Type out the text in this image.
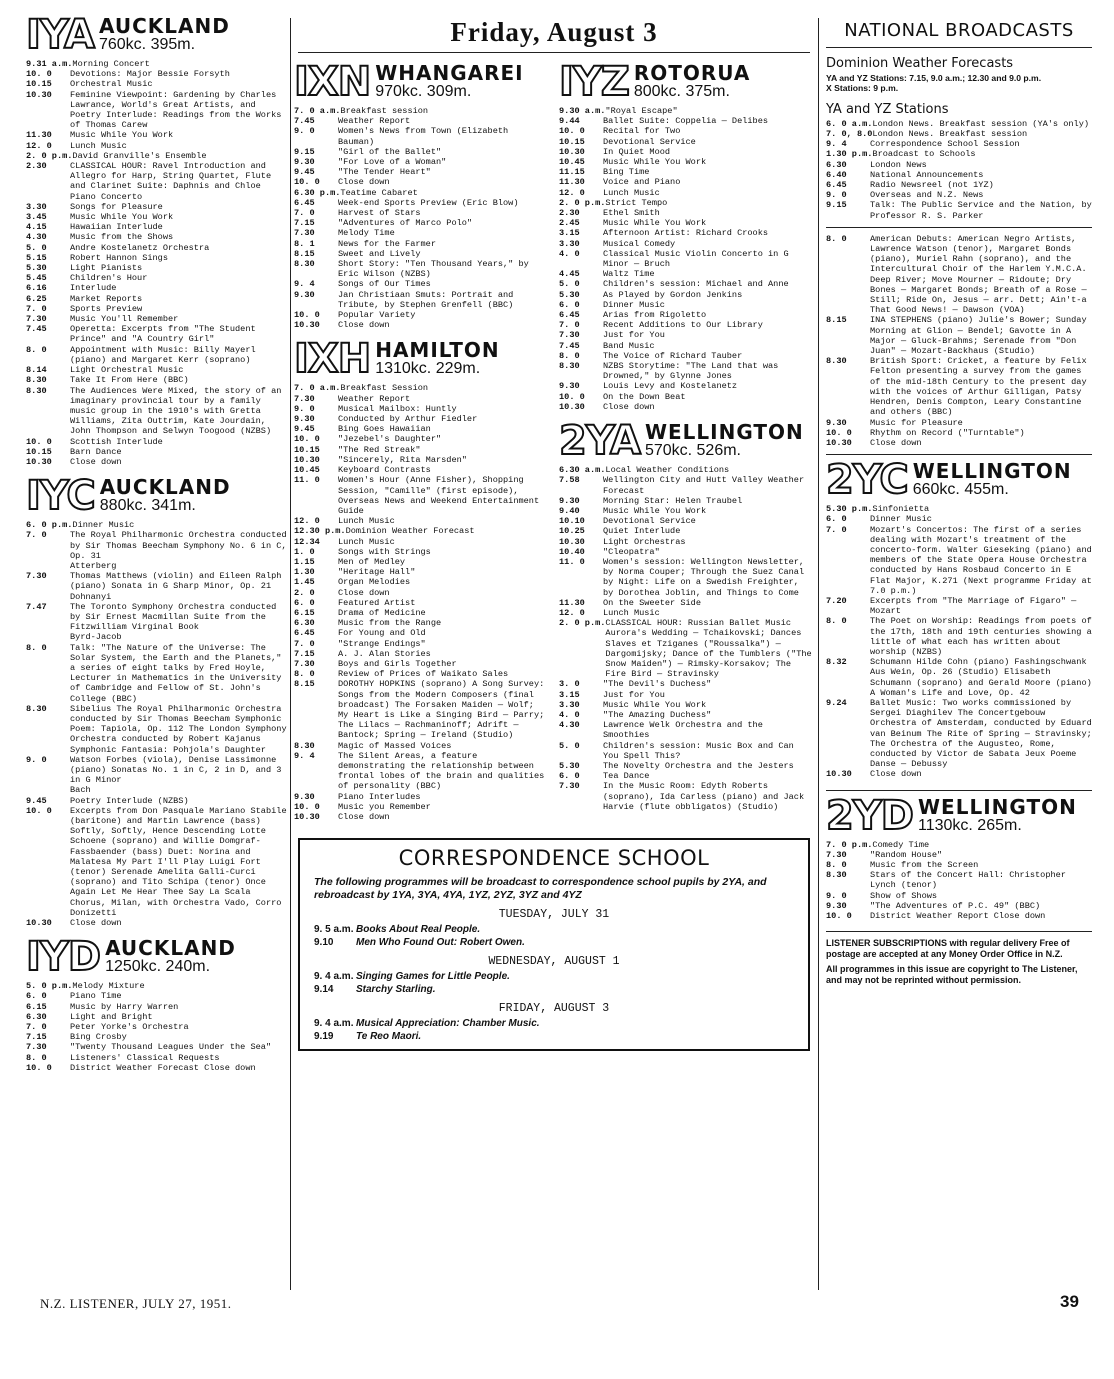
IYA AUCKLAND
760kc. 395m.
9.31 a.m. Morning Concert
10. 0	Devotions: Major Bessie Forsyth
10.15	Orchestral Music
10.30	Feminine Viewpoint: Gardening by Charles Lawrance, World's Great Artists, and Poetry Interlude: Readings from the Works of Thomas Carew
11.30	Music While You Work
12. 0	Lunch Music
2. 0 p.m. David Granville's Ensemble
2.30	CLASSICAL HOUR: Ravel Introduction and Allegro for Harp, String Quartet, Flute and Clarinet Suite: Daphnis and Chloe Piano Concerto
3.30	Songs for Pleasure
3.45	Music While You Work
4.15	Hawaiian Interlude
4.30	Music from the Shows
5. 0	Andre Kostelanetz Orchestra
5.15	Robert Hannon Sings
5.30	Light Pianists
5.45	Children's Hour
6.16	Interlude
6.25	Market Reports
7. 0	Sports Preview
7.30	Music You'll Remember
7.45	Operetta: Excerpts from "The Student Prince" and "A Country Girl"
8. 0	Appointment with Music: Billy Mayerl (piano) and Margaret Kerr (soprano)
8.14	Light Orchestral Music
8.30	Take It From Here (BBC)
8.30	The Audiences Were Mixed, the story of an imaginary provincial tour by a family music group in the 1910's with Gretta Williams, Zita Outtrim, Kate Jourdain, John Thompson and Selwyn Toogood (NZBS)
10. 0	Scottish Interlude
10.15	Barn Dance
10.30	Close down
IYC AUCKLAND
880kc. 341m.
6. 0 p.m. Dinner Music
7. 0	The Royal Philharmonic Orchestra conducted by Sir Thomas Beecham Symphony No. 6 in C, Op. 31
Atterberg
7.30	Thomas Matthews (violin) and Eileen Ralph (piano) Sonata in G Sharp Minor, Op. 21
Dohnanyi
7.47	The Toronto Symphony Orchestra conducted by Sir Ernest Macmillan Suite from the Fitzwilliam Virginal Book
Byrd-Jacob
8. 0	Talk: "The Nature of the Universe: The Solar System, the Earth and the Planets," a series of eight talks by Fred Hoyle, Lecturer in Mathematics in the University of Cambridge and Fellow of St. John's College (BBC)
8.30	Sibelius The Royal Philharmonic Orchestra conducted by Sir Thomas Beecham Symphonic Poem: Tapiola, Op. 112 The London Symphony Orchestra conducted by Robert Kajanus Symphonic Fantasia: Pohjola's Daughter
9. 0	Watson Forbes (viola), Denise Lassimonne (piano) Sonatas No. 1 in C, 2 in D, and 3 in G Minor
Bach
9.45	Poetry Interlude (NZBS)
10. 0	Excerpts from Don Pasquale Mariano Stabile (baritone) and Martin Lawrence (bass) Softly, Softly, Hence Descending Lotte Schoene (soprano) and Willie Domgraf-Fassbaender (bass) Duet: Norina and Malatesa My Part I'll Play Luigi Fort (tenor) Serenade Amelita Galli-Curci (soprano) and Tito Schipa (tenor) Once Again Let Me Hear Thee Say La Scala Chorus, Milan, with Orchestra Vado, Corro
Donizetti
10.30	Close down
IYD AUCKLAND
1250kc. 240m.
5. 0 p.m. Melody Mixture
6. 0	Piano Time
6.15	Music by Harry Warren
6.30	Light and Bright
7. 0	Peter Yorke's Orchestra
7.15	Bing Crosby
7.30	"Twenty Thousand Leagues Under the Sea"
8. 0	Listeners' Classical Requests
10. 0	District Weather Forecast Close down
Friday, August 3
IXN WHANGAREI
970kc. 309m.
7. 0 a.m. Breakfast session
7.45	Weather Report
9. 0	Women's News from Town (Elizabeth Bauman)
9.15	"Girl of the Ballet"
9.30	"For Love of a Woman"
9.45	"The Tender Heart"
10. 0	Close down
6.30 p.m. Teatime Cabaret
6.45	Week-end Sports Preview (Eric Blow)
7. 0	Harvest of Stars
7.15	"Adventures of Marco Polo"
7.30	Melody Time
8. 1	News for the Farmer
8.15	Sweet and Lively
8.30	Short Story: "Ten Thousand Years," by Eric Wilson (NZBS)
9. 4	Songs of Our Times
9.30	Jan Christiaan Smuts: Portrait and Tribute, by Stephen Grenfell (BBC)
10. 0	Popular Variety
10.30	Close down
IXH HAMILTON
1310kc. 229m.
7. 0 a.m. Breakfast Session
7.30	Weather Report
9. 0	Musical Mailbox: Huntly
9.30	Conducted by Arthur Fiedler
9.45	Bing Goes Hawaiian
10. 0	"Jezebel's Daughter"
10.15	"The Red Streak"
10.30	"Sincerely, Rita Marsden"
10.45	Keyboard Contrasts
11. 0	Women's Hour (Anne Fisher), Shopping Session, "Camille" (first episode), Overseas News and Weekend Entertainment Guide
12. 0	Lunch Music
12.30 p.m. Dominion Weather Forecast
12.34	Lunch Music
1. 0	Songs with Strings
1.15	Men of Medley
1.30	"Heritage Hall"
1.45	Organ Melodies
2. 0	Close down
6. 0	Featured Artist
6.15	Drama of Medicine
6.30	Music from the Range
6.45	For Young and Old
7. 0	"Strange Endings"
7.15	A. J. Alan Stories
7.30	Boys and Girls Together
8. 0	Review of Prices of Waikato Sales
8.15	DOROTHY HOPKINS (soprano) A Song Survey: Songs from the Modern Composers (final broadcast) The Forsaken Maiden — Wolf; My Heart is Like a Singing Bird — Parry; The Lilacs — Rachmaninoff; Adrift — Bantock; Spring — Ireland (Studio)
8.30	Magic of Massed Voices
9. 4	The Silent Areas, a feature demonstrating the relationship between frontal lobes of the brain and qualities of personality (BBC)
9.30	Piano Interludes
10. 0	Music you Remember
10.30	Close down
IYZ ROTORUA
800kc. 375m.
9.30 a.m. "Royal Escape"
9.44	Ballet Suite: Coppelia — Delibes
10. 0	Recital for Two
10.15	Devotional Service
10.30	In Quiet Mood
10.45	Music While You Work
11.15	Bing Time
11.30	Voice and Piano
12. 0	Lunch Music
2. 0 p.m. Strict Tempo
2.30	Ethel Smith
2.45	Music While You Work
3.15	Afternoon Artist: Richard Crooks
3.30	Musical Comedy
4. 0	Classical Music Violin Concerto in G Minor — Bruch
4.45	Waltz Time
5. 0	Children's session: Michael and Anne
5.30	As Played by Gordon Jenkins
6. 0	Dinner Music
6.45	Arias from Rigoletto
7. 0	Recent Additions to Our Library
7.30	Just for You
7.45	Band Music
8. 0	The Voice of Richard Tauber
8.30	NZBS Storytime: "The Land that was Drowned," by Glynne Jones
9.30	Louis Levy and Kostelanetz
10. 0	On the Down Beat
10.30	Close down
2YA WELLINGTON
570kc. 526m.
6.30 a.m. Local Weather Conditions
7.58	Wellington City and Hutt Valley Weather Forecast
9.30	Morning Star: Helen Traubel
9.40	Music While You Work
10.10	Devotional Service
10.25	Quiet Interlude
10.30	Light Orchestras
10.40	"Cleopatra"
11. 0	Women's session: Wellington Newsletter, by Norma Couper; Through the Suez Canal by Night: Life on a Swedish Freighter, by Dorothea Joblin, and Things to Come
11.30	On the Sweeter Side
12. 0	Lunch Music
2. 0 p.m. CLASSICAL HOUR: Russian Ballet Music Aurora's Wedding — Tchaikovski; Dances Slaves et Tziganes ("Roussalka") — Dargomijsky; Dance of the Tumblers ("The Snow Maiden") — Rimsky-Korsakov; The Fire Bird — Stravinsky
3. 0	"The Devil's Duchess"
3.15	Just for You
3.30	Music While You Work
4. 0	"The Amazing Duchess"
4.30	Lawrence Welk Orchestra and the Smoothies
5. 0	Children's session: Music Box and Can You Spell This?
5.30	The Novelty Orchestra and the Jesters
6. 0	Tea Dance
7.30	In the Music Room: Edyth Roberts (soprano), Ida Carless (piano) and Jack Harvie (flute obbligatos) (Studio)
CORRESPONDENCE SCHOOL

The following programmes will be broadcast to correspondence school pupils by 2YA, and rebroadcast by 1YA, 3YA, 4YA, 1YZ, 2YZ, 3YZ and 4YZ

TUESDAY, JULY 31
9. 5 a.m. Books About Real People.
9.10 Men Who Found Out: Robert Owen.
WEDNESDAY, AUGUST 1
9. 4 a.m. Singing Games for Little People.
9.14 Starchy Starling.
FRIDAY, AUGUST 3
9. 4 a.m. Musical Appreciation: Chamber Music.
9.19 Te Reo Maori.
NATIONAL BROADCASTS
Dominion Weather Forecasts

YA and YZ Stations: 7.15, 9.0 a.m.; 12.30 and 9.0 p.m.

X Stations: 9 p.m.

YA and YZ Stations
6. 0 a.m. London News. Breakfast session (YA's only)
7. 0, 8.0 London News. Breakfast session
9. 4	Correspondence School Session
1.30 p.m. Broadcast to Schools
6.30	London News
6.40	National Announcements
6.45	Radio Newsreel (not 1YZ)
9. 0	Overseas and N.Z. News
9.15	Talk: The Public Service and the Nation, by Professor R. S. Parker
8. 0	American Debuts: American Negro Artists, Lawrence Watson (tenor), Margaret Bonds (piano), Muriel Rahn (soprano), and the Intercultural Choir of the Harlem Y.M.C.A. Deep River; Move Mourner — Ridoute; Dry Bones — Margaret Bonds; Breath of a Rose — Still; Ride On, Jesus — arr. Dett; Ain't-a That Good News! — Dawson (VOA)
8.15	INA STEPHENS (piano) Julie's Bower; Sunday Morning at Glion — Bendel; Gavotte in A Major — Gluck-Brahms; Serenade from "Don Juan" — Mozart-Backhaus (Studio)
8.30	British Sport: Cricket, a feature by Felix Felton presenting a survey from the games of the mid-18th Century to the present day with the voices of Arthur Gilligan, Patsy Hendren, Denis Compton, Leary Constantine and others (BBC)
9.30	Music for Pleasure
10. 0	Rhythm on Record ("Turntable")
10.30	Close down
2YC WELLINGTON
660kc. 455m.
5.30 p.m. Sinfonietta
6. 0	Dinner Music
7. 0	Mozart's Concertos: The first of a series dealing with Mozart's treatment of the concerto-form. Walter Gieseking (piano) and members of the State Opera House Orchestra conducted by Hans Rosbaud Concerto in E Flat Major, K.271 (Next programme Friday at 7.0 p.m.)
7.20	Excerpts from "The Marriage of Figaro" — Mozart
8. 0	The Poet on Worship: Readings from poets of the 17th, 18th and 19th centuries showing a little of what each has written about worship (NZBS)
8.32	Schumann Hilde Cohn (piano) Fashingschwank Aus Wein, Op. 26 (Studio) Elisabeth Schumann (soprano) and Gerald Moore (piano) A Woman's Life and Love, Op. 42
9.24	Ballet Music: Two works commissioned by Sergei Diaghilev The Concertgebouw Orchestra of Amsterdam, conducted by Eduard van Beinum The Rite of Spring — Stravinsky; The Orchestra of the Augusteo, Rome, conducted by Victor de Sabata Jeux Poeme Danse — Debussy
10.30	Close down
2YD WELLINGTON
1130kc. 265m.
7. 0 p.m. Comedy Time
7.30	"Random House"
8. 0	Music from the Screen
8.30	Stars of the Concert Hall: Christopher Lynch (tenor)
9. 0	Show of Shows
9.30	"The Adventures of P.C. 49" (BBC)
10. 0	District Weather Report Close down

LISTENER SUBSCRIPTIONS with regular delivery Free of postage are accepted at any Money Order Office in N.Z.

All programmes in this issue are copyright to The Listener, and may not be reprinted without permission.

N.Z. LISTENER, JULY 27, 1951.	39
